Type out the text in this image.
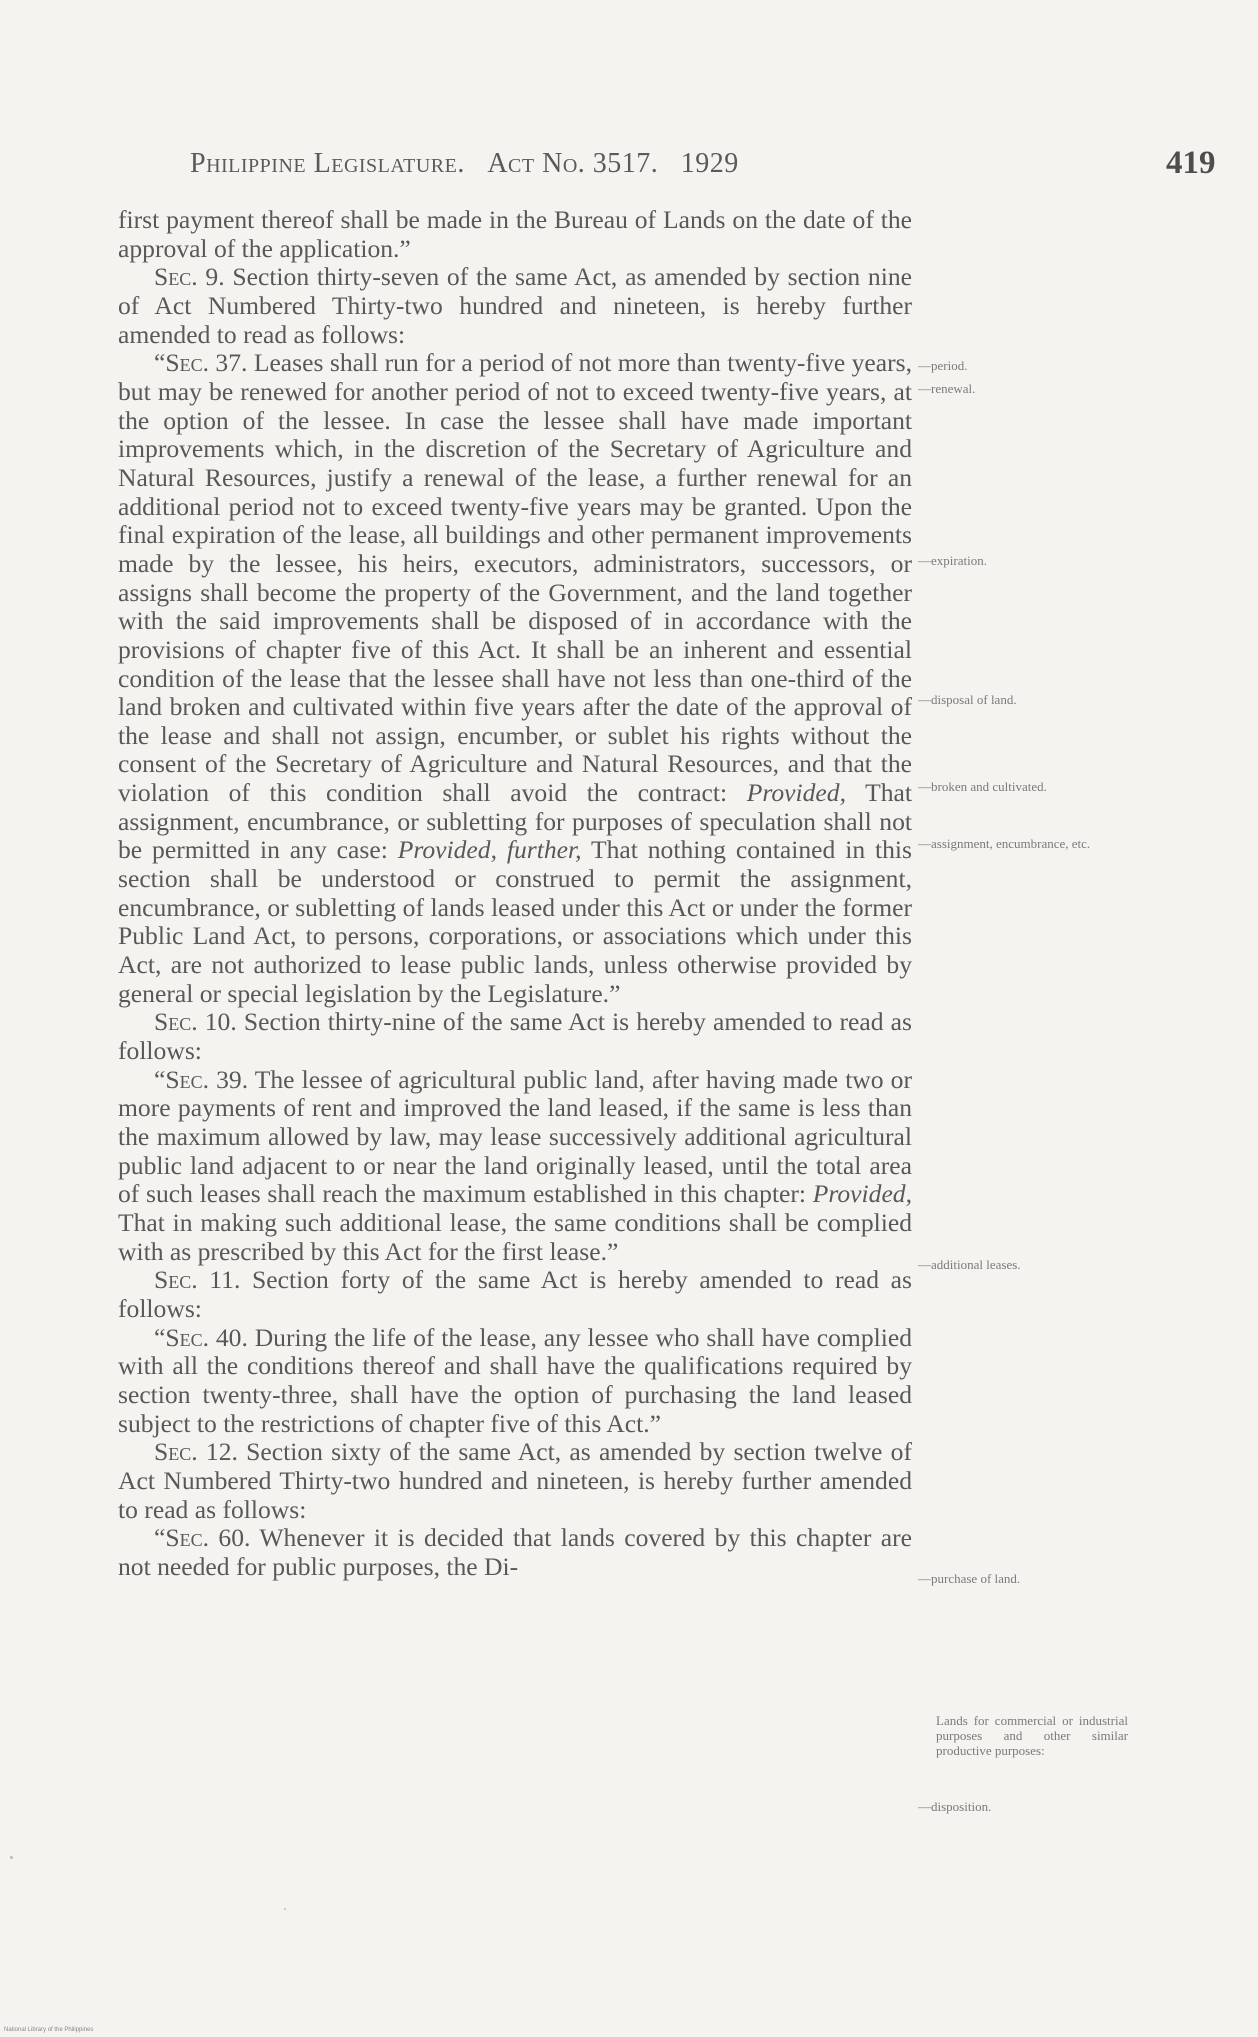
Philippine Legislature. Act No. 3517. 1929	419

first payment thereof shall be made in the Bureau of Lands on the date of the approval of the application.”

Sec. 9. Section thirty-seven of the same Act, as amended by section nine of Act Numbered Thirty-two hundred and nineteen, is hereby further amended to read as follows:

“Sec. 37. Leases shall run for a period of not more than twenty-five years, but may be renewed for another period of not to exceed twenty-five years, at the option of the lessee. In case the lessee shall have made important improvements which, in the discretion of the Secretary of Agriculture and Natural Resources, justify a renewal of the lease, a further renewal for an additional period not to exceed twenty-five years may be granted. Upon the final expiration of the lease, all buildings and other permanent improvements made by the lessee, his heirs, executors, administrators, successors, or assigns shall become the property of the Government, and the land together with the said improvements shall be disposed of in accordance with the provisions of chapter five of this Act. It shall be an inherent and essential condition of the lease that the lessee shall have not less than one-third of the land broken and cultivated within five years after the date of the approval of the lease and shall not assign, encumber, or sublet his rights without the consent of the Secretary of Agriculture and Natural Resources, and that the violation of this condition shall avoid the contract: Provided, That assignment, encumbrance, or subletting for purposes of speculation shall not be permitted in any case: Provided, further, That nothing contained in this section shall be understood or construed to permit the assignment, encumbrance, or subletting of lands leased under this Act or under the former Public Land Act, to persons, corporations, or associations which under this Act, are not authorized to lease public lands, unless otherwise provided by general or special legislation by the Legislature.”

Sec. 10. Section thirty-nine of the same Act is hereby amended to read as follows:

“Sec. 39. The lessee of agricultural public land, after having made two or more payments of rent and improved the land leased, if the same is less than the maximum allowed by law, may lease successively additional agricultural public land adjacent to or near the land originally leased, until the total area of such leases shall reach the maximum established in this chapter: Provided, That in making such additional lease, the same conditions shall be complied with as prescribed by this Act for the first lease.”

Sec. 11. Section forty of the same Act is hereby amended to read as follows:

“Sec. 40. During the life of the lease, any lessee who shall have complied with all the conditions thereof and shall have the qualifications required by section twenty-three, shall have the option of purchasing the land leased subject to the restrictions of chapter five of this Act.”

Sec. 12. Section sixty of the same Act, as amended by section twelve of Act Numbered Thirty-two hundred and nineteen, is hereby further amended to read as follows:

“Sec. 60. Whenever it is decided that lands covered by this chapter are not needed for public purposes, the Di-

—period.
—renewal.
—expiration.
—disposal of land.
—broken and cultivated.
—assignment, encumbrance, etc.
—additional leases.
—purchase of land.
Lands for commercial or industrial purposes and other similar productive purposes:
—disposition.
National Library of the Philippines
